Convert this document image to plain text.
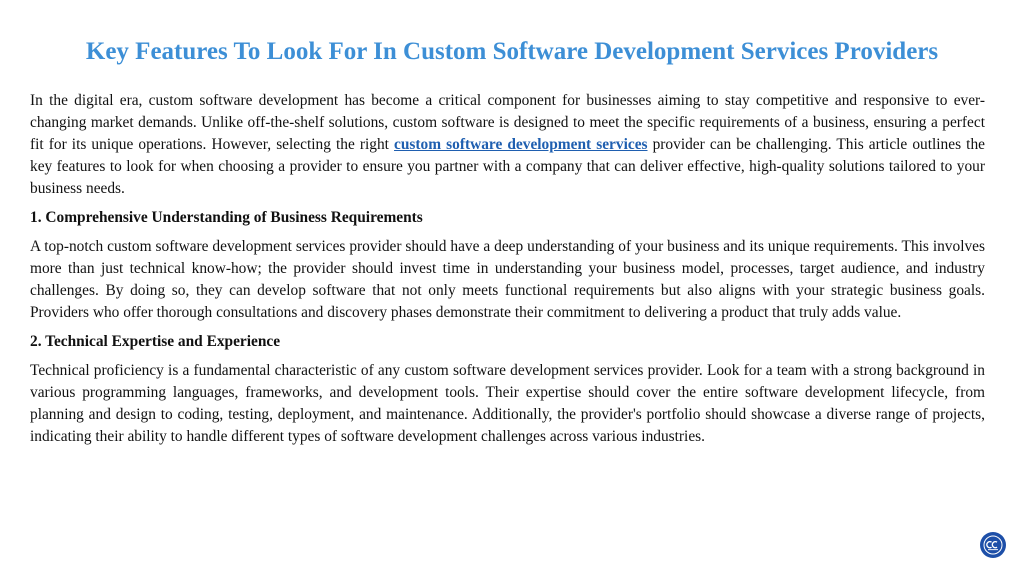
Key Features To Look For In Custom Software Development Services Providers

In the digital era, custom software development has become a critical component for businesses aiming to stay competitive and responsive to ever-changing market demands. Unlike off-the-shelf solutions, custom software is designed to meet the specific requirements of a business, ensuring a perfect fit for its unique operations. However, selecting the right custom software development services provider can be challenging. This article outlines the key features to look for when choosing a provider to ensure you partner with a company that can deliver effective, high-quality solutions tailored to your business needs.

1. Comprehensive Understanding of Business Requirements

A top-notch custom software development services provider should have a deep understanding of your business and its unique requirements. This involves more than just technical know-how; the provider should invest time in understanding your business model, processes, target audience, and industry challenges. By doing so, they can develop software that not only meets functional requirements but also aligns with your strategic business goals. Providers who offer thorough consultations and discovery phases demonstrate their commitment to delivering a product that truly adds value.

2. Technical Expertise and Experience

Technical proficiency is a fundamental characteristic of any custom software development services provider. Look for a team with a strong background in various programming languages, frameworks, and development tools. Their expertise should cover the entire software development lifecycle, from planning and design to coding, testing, deployment, and maintenance. Additionally, the provider's portfolio should showcase a diverse range of projects, indicating their ability to handle different types of software development challenges across various industries.
